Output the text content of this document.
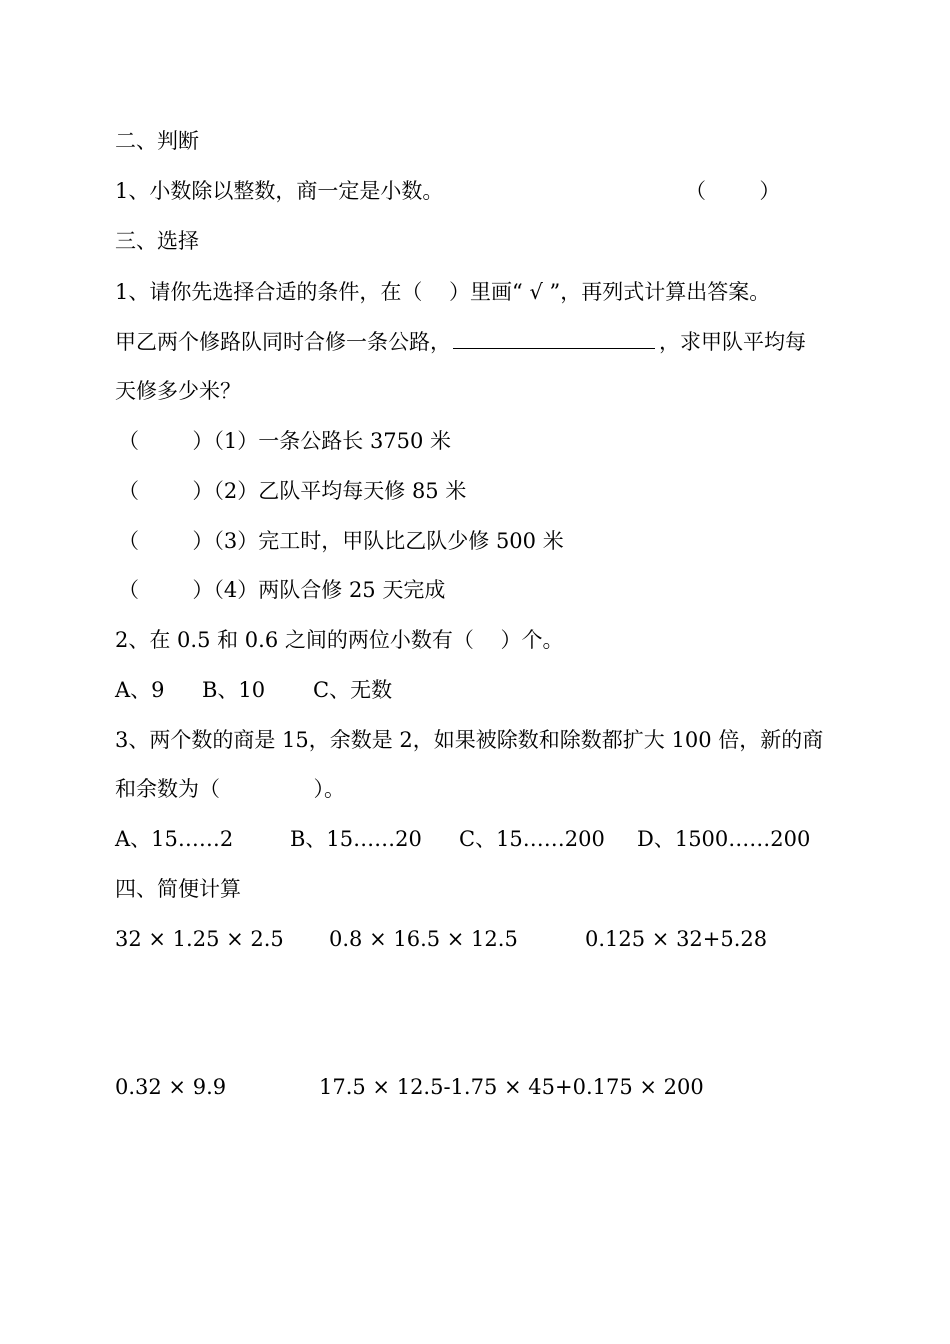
二、判断
1、小数除以整数，商一定是小数。	（        ）
三、选择
1、请你先选择合适的条件，在（    ）里画“ √ ”，再列式计算出答案。
甲乙两个修路队同时合修一条公路，	，求甲队平均每
天修多少米？
（        ）（1）一条公路长 3750 米
（        ）（2）乙队平均每天修 85 米
（        ）（3）完工时，甲队比乙队少修 500 米
（        ）（4）两队合修 25 天完成
2、在 0.5 和 0.6 之间的两位小数有（    ）个。
A、9 B、10 C、无数
3、两个数的商是 15，余数是 2，如果被除数和除数都扩大 100 倍，新的商
和余数为（              ）。
A、15……2	B、15……20 C、15……200 D、1500……200
四、简便计算
32 × 1.25 × 2.5 0.8 × 16.5 × 12.5	0.125 × 32+5.28
0.32 × 9.9	17.5 × 12.5-1.75 × 45+0.175 × 200
